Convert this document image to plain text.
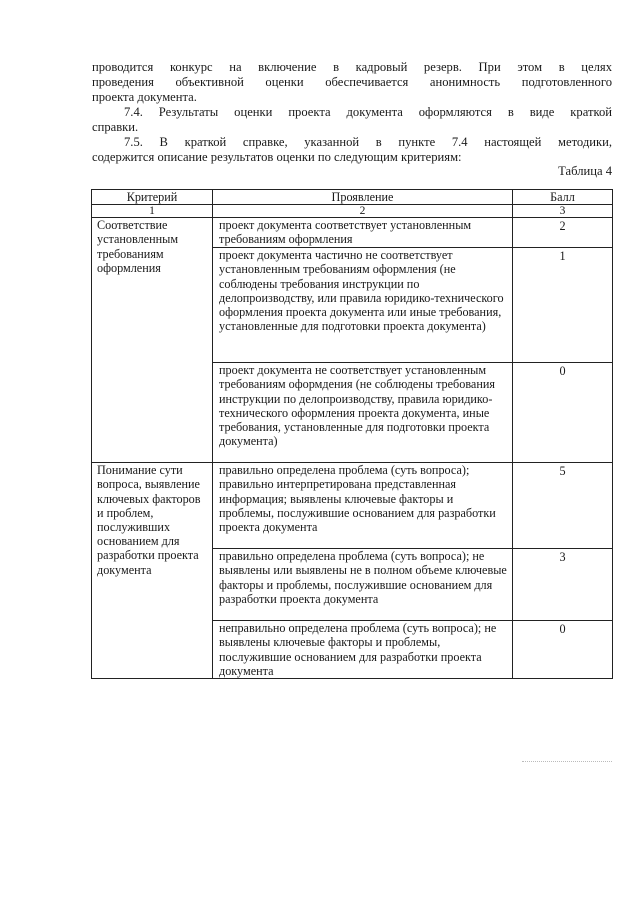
проводится конкурс на включение в кадровый резерв. При этом в целях
проведения объективной оценки обеспечивается анонимность подготовленного
проекта документа.
7.4. Результаты оценки проекта документа оформляются в виде краткой
справки.
7.5. В краткой справке, указанной в пункте 7.4 настоящей методики,
содержится описание результатов оценки по следующим критериям:
Таблица 4
Критерий	Проявление	Балл
1	2	3
Соответствие установленным требованиям оформления	проект документа соответствует установленным требованиям оформления	2
	проект документа частично не соответствует установленным требованиям оформления (не соблюдены требования инструкции по делопроизводству, или правила юридико-технического оформления проекта документа или иные требования, установленные для подготовки проекта документа)	1
	проект документа не соответствует установленным требованиям оформдения (не соблюдены требования инструкции по делопроизводству, правила юридико-технического оформления проекта документа, иные требования, установленные для подготовки проекта документа)	0
Понимание сути вопроса, выявление ключевых факторов и проблем, послуживших основанием для разработки проекта документа	правильно определена проблема (суть вопроса); правильно интерпретирована представленная информация; выявлены ключевые факторы и проблемы, послужившие основанием для разработки проекта документа	5
	правильно определена проблема (суть вопроса); не выявлены или выявлены не в полном объеме ключевые факторы и проблемы, послужившие основанием для разработки проекта документа	3
	неправильно определена проблема (суть вопроса); не выявлены ключевые факторы и проблемы, послужившие основанием для разработки проекта документа	0
